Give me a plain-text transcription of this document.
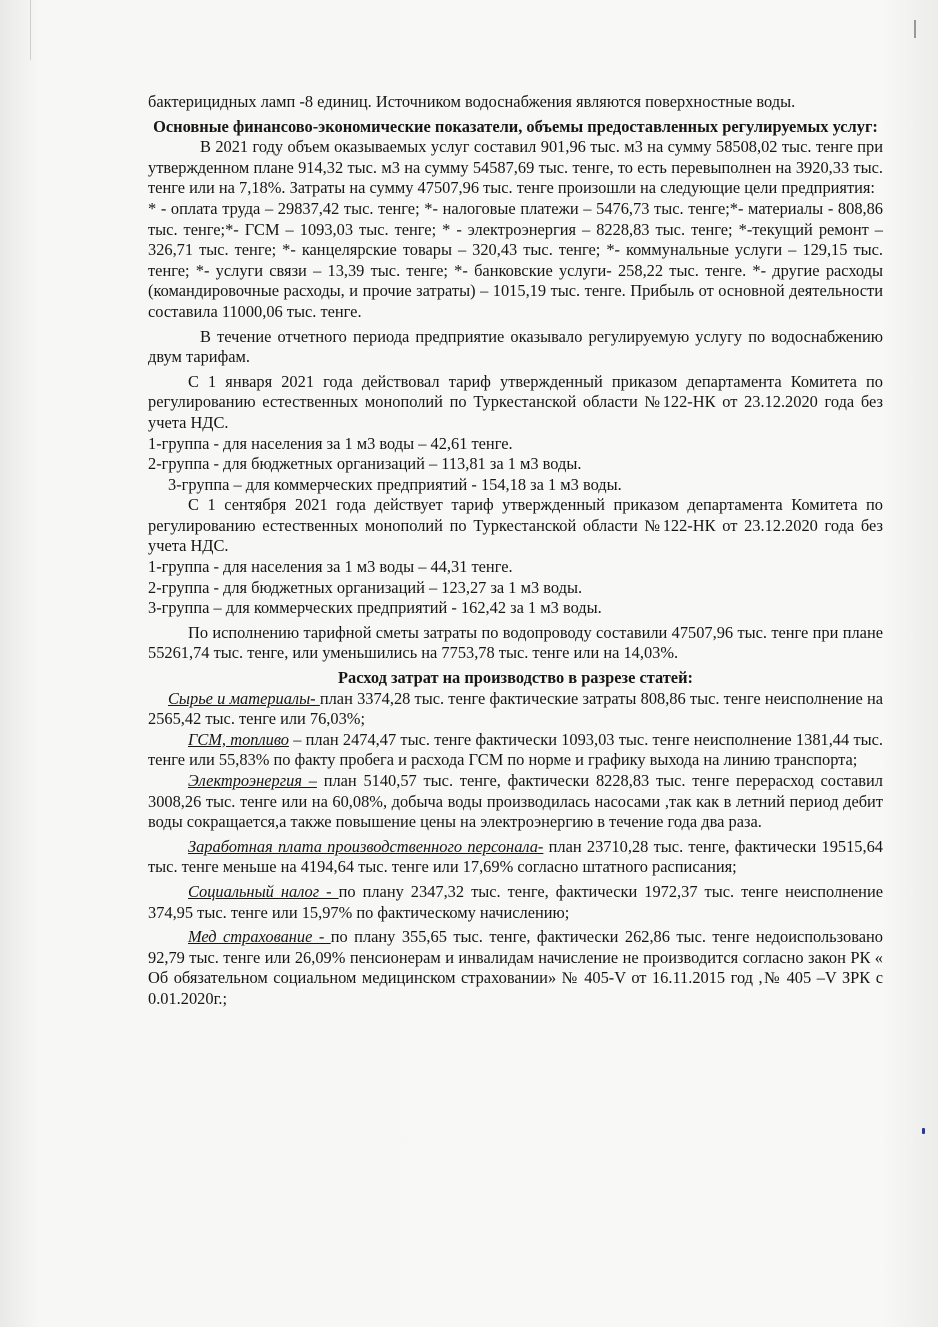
бактерицидных ламп -8 единиц. Источником водоснабжения являются поверхностные воды.

Основные финансово-экономические показатели, объемы предоставленных регулируемых услуг:

В 2021 году объем оказываемых услуг составил 901,96 тыс. м3 на сумму 58508,02 тыс. тенге при утвержденном плане 914,32 тыс. м3 на сумму 54587,69 тыс. тенге, то есть перевыполнен на 3920,33 тыс. тенге или на 7,18%. Затраты на сумму 47507,96 тыс. тенге произошли на следующие цели предприятия:

* - оплата труда – 29837,42 тыс. тенге; *- налоговые платежи – 5476,73 тыс. тенге;*- материалы - 808,86 тыс. тенге;*- ГСМ – 1093,03 тыс. тенге; * - электроэнергия – 8228,83 тыс. тенге; *-текущий ремонт – 326,71 тыс. тенге; *- канцелярские товары – 320,43 тыс. тенге; *- коммунальные услуги – 129,15 тыс. тенге; *- услуги связи – 13,39 тыс. тенге; *- банковские услуги- 258,22 тыс. тенге. *- другие расходы (командировочные расходы, и прочие затраты) – 1015,19 тыс. тенге. Прибыль от основной деятельности составила 11000,06 тыс. тенге.

В течение отчетного периода предприятие оказывало регулируемую услугу по водоснабжению двум тарифам.

С 1 января 2021 года действовал тариф утвержденный приказом департамента Комитета по регулированию естественных монополий по Туркестанской области №122-НК от 23.12.2020 года без учета НДС.

1-группа - для населения за 1 м3 воды – 42,61 тенге.

2-группа - для бюджетных организаций – 113,81 за 1 м3 воды.

3-группа – для коммерческих предприятий - 154,18 за 1 м3 воды.

С 1 сентября 2021 года действует тариф утвержденный приказом департамента Комитета по регулированию естественных монополий по Туркестанской области №122-НК от 23.12.2020 года без учета НДС.

1-группа - для населения за 1 м3 воды – 44,31 тенге.

2-группа - для бюджетных организаций – 123,27 за 1 м3 воды.

3-группа – для коммерческих предприятий - 162,42 за 1 м3 воды.

По исполнению тарифной сметы затраты по водопроводу составили 47507,96 тыс. тенге при плане 55261,74 тыс. тенге, или уменьшились на 7753,78 тыс. тенге или на 14,03%.

Расход затрат на производство в разрезе статей:

Сырье и материалы- план 3374,28 тыс. тенге фактические затраты 808,86 тыс. тенге неисполнение на 2565,42 тыс. тенге или 76,03%;

ГСМ, топливо – план 2474,47 тыс. тенге фактически 1093,03 тыс. тенге неисполнение 1381,44 тыс. тенге или 55,83% по факту пробега и расхода ГСМ по норме и графику выхода на линию транспорта;

Электроэнергия – план 5140,57 тыс. тенге, фактически 8228,83 тыс. тенге перерасход составил 3008,26 тыс. тенге или на 60,08%, добыча воды производилась насосами ,так как в летний период дебит воды сокращается,а также повышение цены на электроэнергию в течение года два раза.

Заработная плата производственного персонала- план 23710,28 тыс. тенге, фактически 19515,64 тыс. тенге меньше на 4194,64 тыс. тенге или 17,69% согласно штатного расписания;

Социальный налог - по плану 2347,32 тыс. тенге, фактически 1972,37 тыс. тенге неисполнение 374,95 тыс. тенге или 15,97% по фактическому начислению;

Мед страхование - по плану 355,65 тыс. тенге, фактически 262,86 тыс. тенге недоиспользовано 92,79 тыс. тенге или 26,09% пенсионерам и инвалидам начисление не производится согласно закон РК « Об обязательном социальном медицинском страховании» № 405-V от 16.11.2015 год ,№ 405 –V ЗРК с 0.01.2020г.;
